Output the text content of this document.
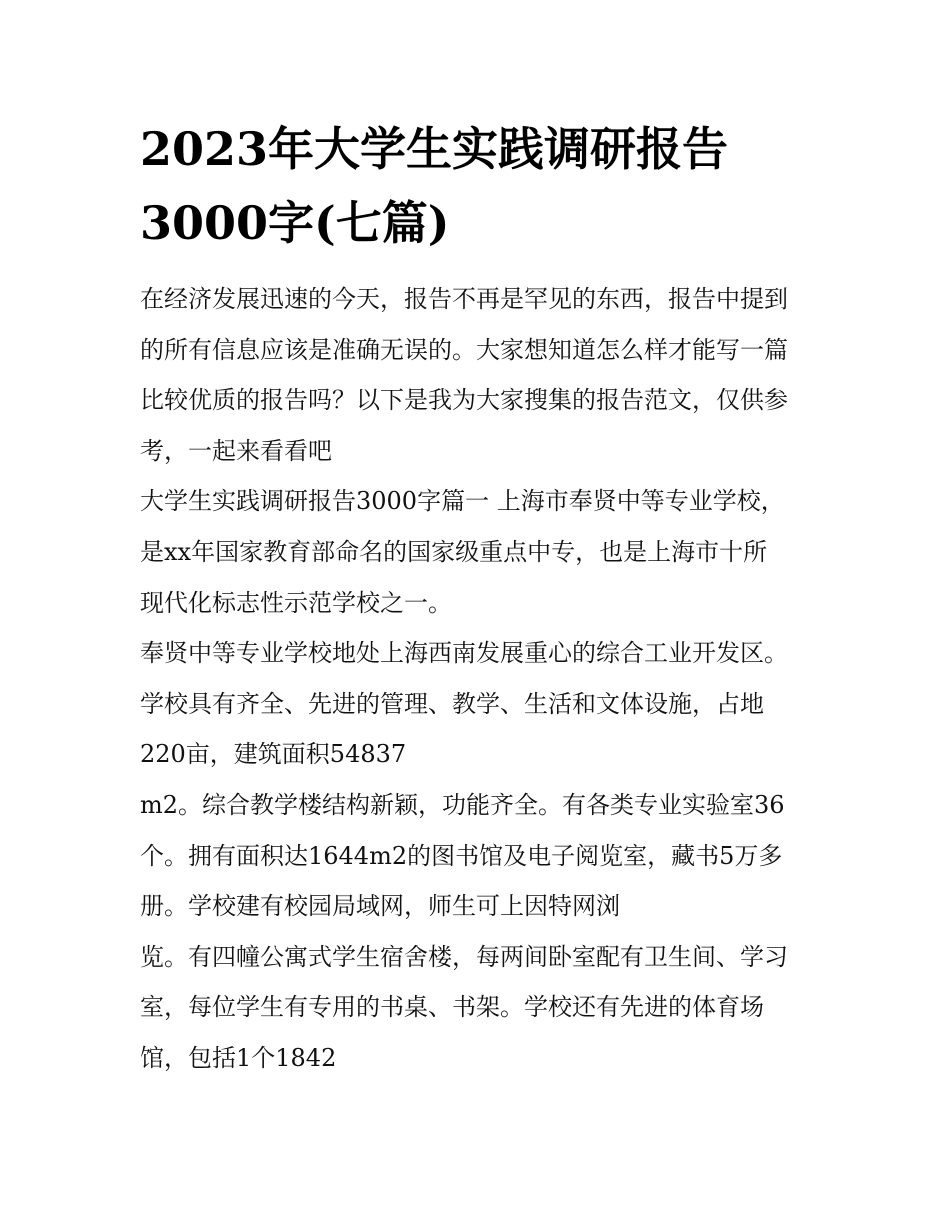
2023年大学生实践调研报告
3000字(七篇)

在经济发展迅速的今天，报告不再是罕见的东西，报告中提到
的所有信息应该是准确无误的。大家想知道怎么样才能写一篇
比较优质的报告吗？以下是我为大家搜集的报告范文，仅供参
考，一起来看看吧

大学生实践调研报告3000字篇一 上海市奉贤中等专业学校，
是xx年国家教育部命名的国家级重点中专，也是上海市十所
现代化标志性示范学校之一。

奉贤中等专业学校地处上海西南发展重心的综合工业开发区。
学校具有齐全、先进的管理、教学、生活和文体设施，占地
220亩，建筑面积54837

m2。综合教学楼结构新颖，功能齐全。有各类专业实验室36
个。拥有面积达1644m2的图书馆及电子阅览室，藏书5万多
册。学校建有校园局域网，师生可上因特网浏

览。有四幢公寓式学生宿舍楼，每两间卧室配有卫生间、学习
室，每位学生有专用的书桌、书架。学校还有先进的体育场
馆，包括1个1842
